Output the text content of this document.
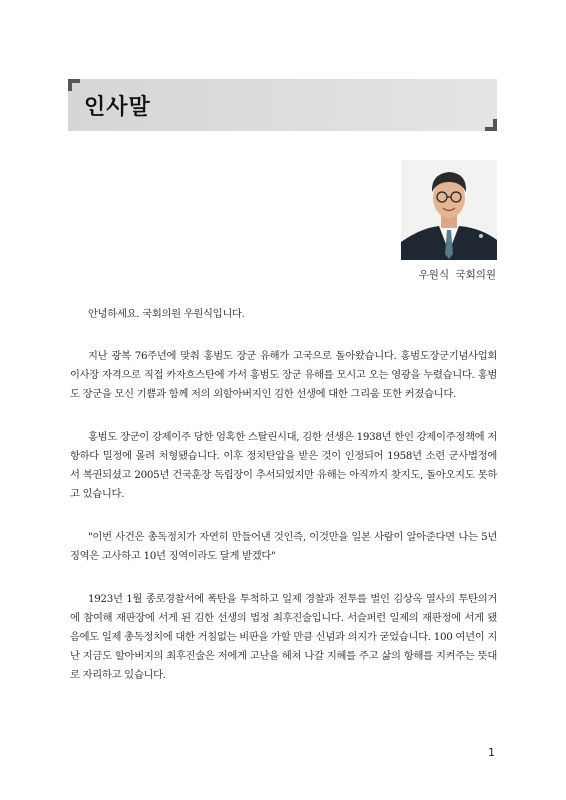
인사말
우원식 국회의원

안녕하세요. 국회의원 우원식입니다.

지난 광복 76주년에 맞춰 홍범도 장군 유해가 고국으로 돌아왔습니다. 홍범도장군기념사업회 이사장 자격으로 직접 카자흐스탄에 가서 홍범도 장군 유해를 모시고 오는 영광을 누렸습니다. 홍범도 장군을 모신 기쁨과 함께 저의 외할아버지인 김한 선생에 대한 그리움 또한 커졌습니다.

홍범도 장군이 강제이주 당한 엄혹한 스탈린시대, 김한 선생은 1938년 한인 강제이주정책에 저항하다 밀정에 몰려 처형됐습니다. 이후 정치탄압을 받은 것이 인정되어 1958년 소련 군사법정에서 복권되셨고 2005년 건국훈장 독립장이 추서되었지만 유해는 아직까지 찾지도, 돌아오지도 못하고 있습니다.

"이번 사건은 총독정치가 자연히 만들어낸 것인즉, 이것만을 일본 사람이 알아준다면 나는 5년 징역은 고사하고 10년 징역이라도 달게 받겠다"

1923년 1월 종로경찰서에 폭탄을 투척하고 일제 경찰과 전투를 벌인 김상옥 열사의 투탄의거에 참여해 재판장에 서게 된 김한 선생의 법정 최후진술입니다. 서슬퍼런 일제의 재판정에 서게 됐음에도 일제 총독정치에 대한 거침없는 비판을 가할 만큼 신념과 의지가 굳었습니다. 100 여년이 지난 지금도 할아버지의 최후진술은 저에게 고난을 헤쳐 나갈 지혜를 주고 삶의 항해를 지켜주는 뜻대로 자리하고 있습니다.

1
